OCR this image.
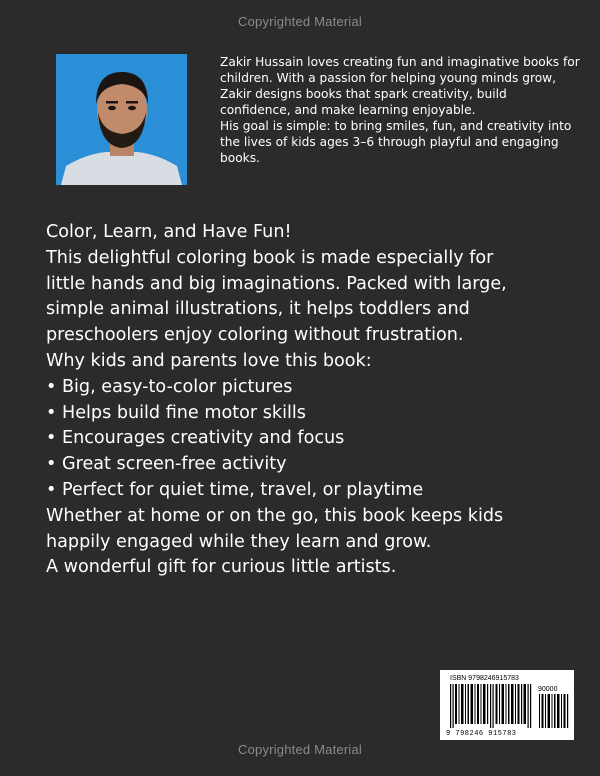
Copyrighted Material

Zakir Hussain loves creating fun and imaginative books for children. With a passion for helping young minds grow, Zakir designs books that spark creativity, build confidence, and make learning enjoyable.

His goal is simple: to bring smiles, fun, and creativity into the lives of kids ages 3–6 through playful and engaging books.

Color, Learn, and Have Fun!
This delightful coloring book is made especially for
little hands and big imaginations. Packed with large,
simple animal illustrations, it helps toddlers and
preschoolers enjoy coloring without frustration.
Why kids and parents love this book:
• Big, easy-to-color pictures
• Helps build fine motor skills
• Encourages creativity and focus
• Great screen-free activity
• Perfect for quiet time, travel, or playtime
Whether at home or on the go, this book keeps kids
happily engaged while they learn and grow.
A wonderful gift for curious little artists.
ISBN 9798246915783
90000
9 798246 915783
Copyrighted Material
